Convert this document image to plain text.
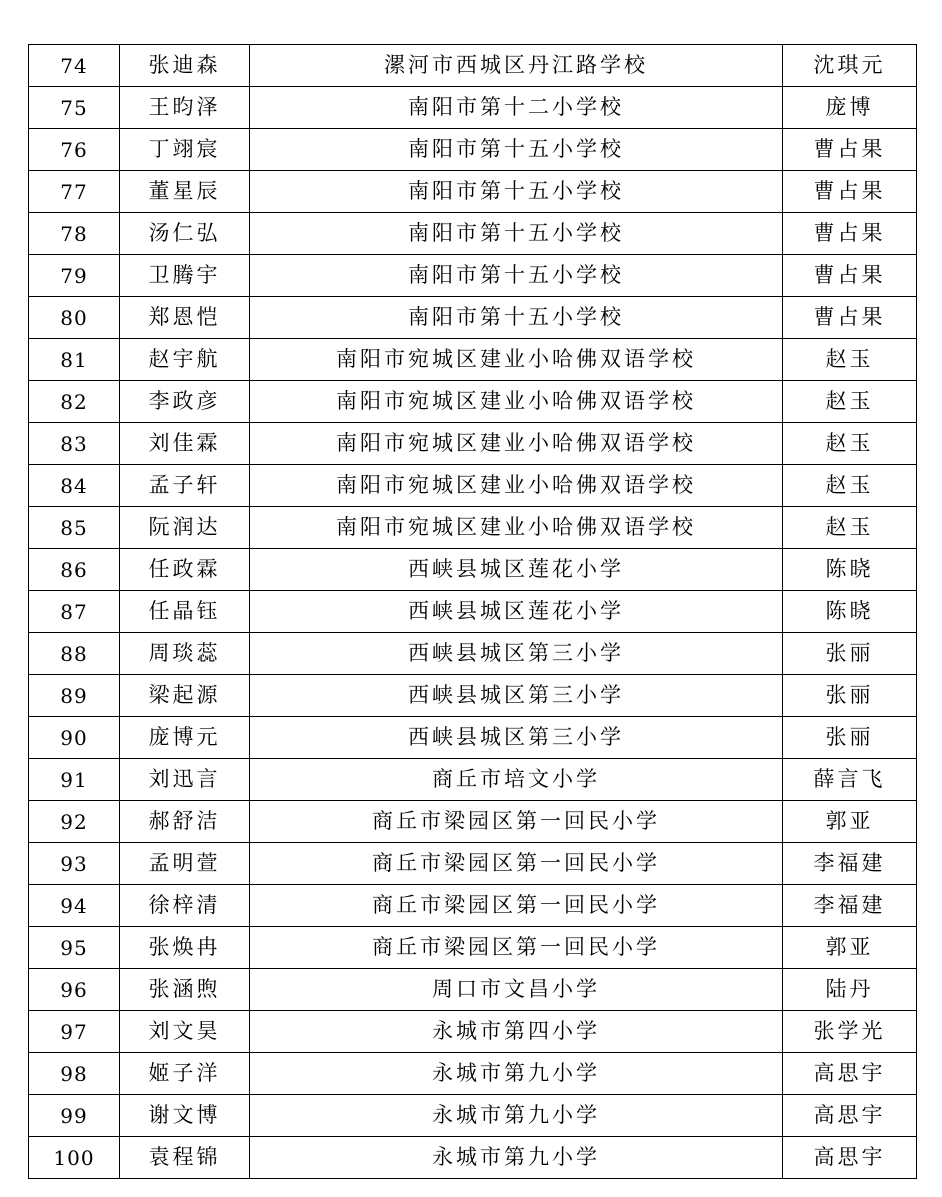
74	张迪森	漯河市西城区丹江路学校	沈琪元
75	王昀泽	南阳市第十二小学校	庞博
76	丁翊宸	南阳市第十五小学校	曹占果
77	董星辰	南阳市第十五小学校	曹占果
78	汤仁弘	南阳市第十五小学校	曹占果
79	卫腾宇	南阳市第十五小学校	曹占果
80	郑恩恺	南阳市第十五小学校	曹占果
81	赵宇航	南阳市宛城区建业小哈佛双语学校	赵玉
82	李政彦	南阳市宛城区建业小哈佛双语学校	赵玉
83	刘佳霖	南阳市宛城区建业小哈佛双语学校	赵玉
84	孟子轩	南阳市宛城区建业小哈佛双语学校	赵玉
85	阮润达	南阳市宛城区建业小哈佛双语学校	赵玉
86	任政霖	西峡县城区莲花小学	陈晓
87	任晶钰	西峡县城区莲花小学	陈晓
88	周琰蕊	西峡县城区第三小学	张丽
89	梁起源	西峡县城区第三小学	张丽
90	庞博元	西峡县城区第三小学	张丽
91	刘迅言	商丘市培文小学	薛言飞
92	郝舒洁	商丘市梁园区第一回民小学	郭亚
93	孟明萱	商丘市梁园区第一回民小学	李福建
94	徐梓清	商丘市梁园区第一回民小学	李福建
95	张焕冉	商丘市梁园区第一回民小学	郭亚
96	张涵煦	周口市文昌小学	陆丹
97	刘文昊	永城市第四小学	张学光
98	姬子洋	永城市第九小学	高思宇
99	谢文博	永城市第九小学	高思宇
100	袁程锦	永城市第九小学	高思宇
